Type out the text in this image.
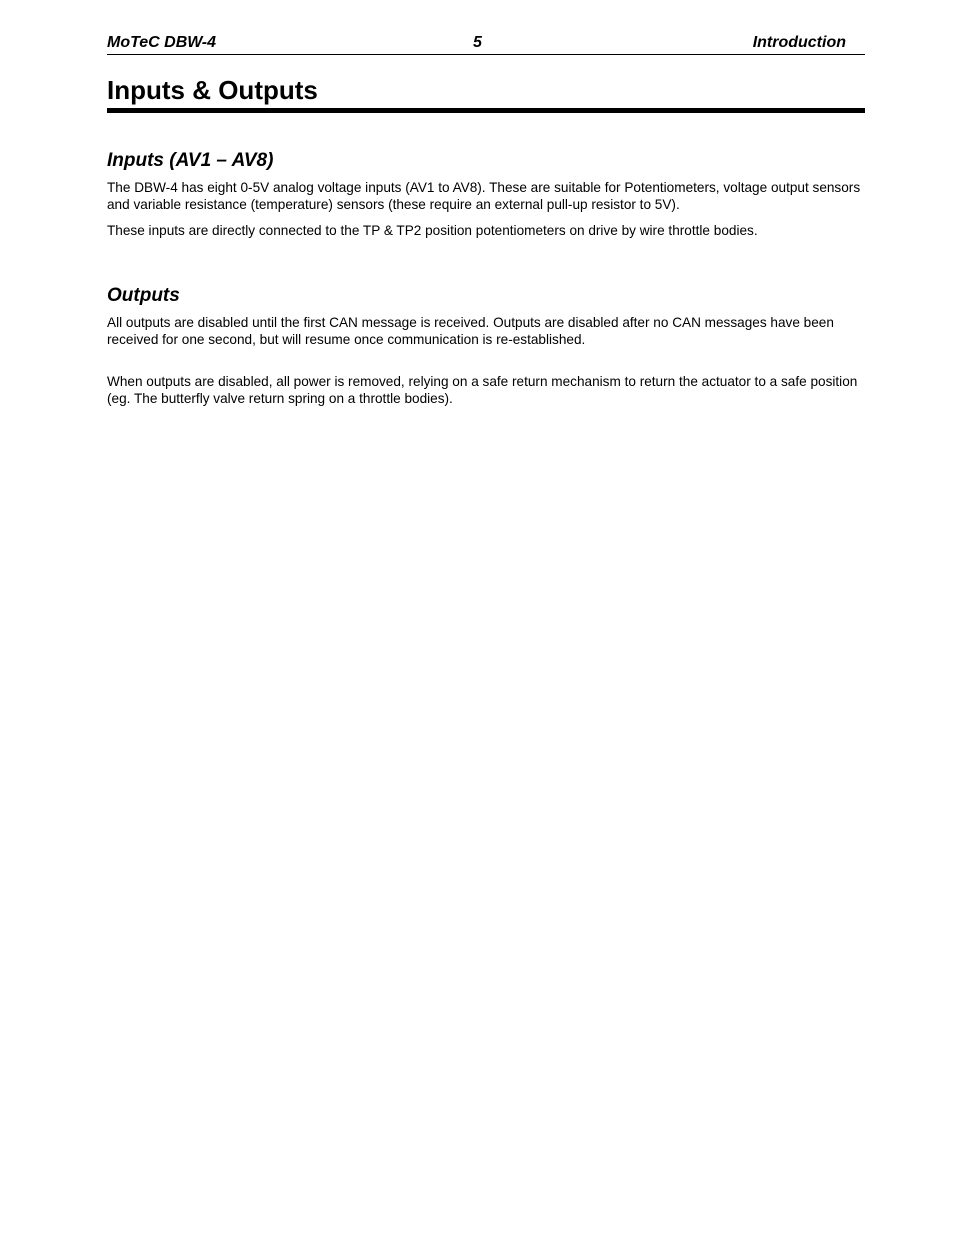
MoTeC DBW-4	5	Introduction
Inputs & Outputs
Inputs (AV1 – AV8)

The DBW-4 has eight 0-5V analog voltage inputs (AV1 to AV8). These are suitable for Potentiometers, voltage output sensors and variable resistance (temperature) sensors (these require an external pull-up resistor to 5V).

These inputs are directly connected to the TP & TP2 position potentiometers on drive by wire throttle bodies.

Outputs

All outputs are disabled until the first CAN message is received. Outputs are disabled after no CAN messages have been received for one second, but will resume once communication is re-established.

When outputs are disabled, all power is removed, relying on a safe return mechanism to return the actuator to a safe position (eg. The butterfly valve return spring on a throttle bodies).
